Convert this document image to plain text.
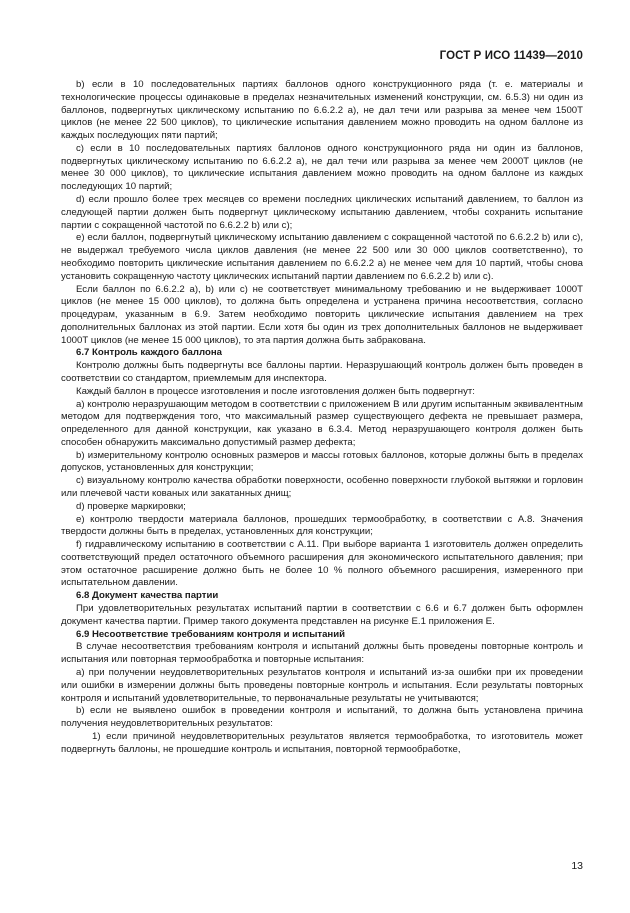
ГОСТ Р ИСО 11439—2010

b) если в 10 последовательных партиях баллонов одного конструкционного ряда (т. е. материалы и технологические процессы одинаковые в пределах незначительных изменений конструкции, см. 6.5.3) ни один из баллонов, подвергнутых циклическому испытанию по 6.6.2.2 а), не дал течи или разрыва за менее чем 1500Т циклов (не менее 22 500 циклов), то циклические испытания давлением можно проводить на одном баллоне из каждых последующих пяти партий;

c) если в 10 последовательных партиях баллонов одного конструкционного ряда ни один из баллонов, подвергнутых циклическому испытанию по 6.6.2.2 а), не дал течи или разрыва за менее чем 2000Т циклов (не менее 30 000 циклов), то циклические испытания давлением можно проводить на одном баллоне из каждых последующих 10 партий;

d) если прошло более трех месяцев со времени последних циклических испытаний давлением, то баллон из следующей партии должен быть подвергнут циклическому испытанию давлением, чтобы сохранить испытание партии с сокращенной частотой по 6.6.2.2 b) или с);

e) если баллон, подвергнутый циклическому испытанию давлением с сокращенной частотой по 6.6.2.2 b) или с), не выдержал требуемого числа циклов давления (не менее 22 500 или 30 000 циклов соответственно), то необходимо повторить циклические испытания давлением по 6.6.2.2 а) не менее чем для 10 партий, чтобы снова установить сокращенную частоту циклических испытаний партии давлением по 6.6.2.2 b) или с).

Если баллон по 6.6.2.2 а), b) или с) не соответствует минимальному требованию и не выдерживает 1000Т циклов (не менее 15 000 циклов), то должна быть определена и устранена причина несоответствия, согласно процедурам, указанным в 6.9. Затем необходимо повторить циклические испытания давлением на трех дополнительных баллонах из этой партии. Если хотя бы один из трех дополнительных баллонов не выдерживает 1000Т циклов (не менее 15 000 циклов), то эта партия должна быть забракована.

6.7 Контроль каждого баллона

Контролю должны быть подвергнуты все баллоны партии. Неразрушающий контроль должен быть проведен в соответствии со стандартом, приемлемым для инспектора.

Каждый баллон в процессе изготовления и после изготовления должен быть подвергнут:

а) контролю неразрушающим методом в соответствии с приложением В или другим испытанным эквивалентным методом для подтверждения того, что максимальный размер существующего дефекта не превышает размера, определенного для данной конструкции, как указано в 6.3.4. Метод неразрушающего контроля должен быть способен обнаружить максимально допустимый размер дефекта;

b) измерительному контролю основных размеров и массы готовых баллонов, которые должны быть в пределах допусков, установленных для конструкции;

с) визуальному контролю качества обработки поверхности, особенно поверхности глубокой вытяжки и горловин или плечевой части кованых или закатанных днищ;

d) проверке маркировки;

е) контролю твердости материала баллонов, прошедших термообработку, в соответствии с А.8. Значения твердости должны быть в пределах, установленных для конструкции;

f) гидравлическому испытанию в соответствии с А.11. При выборе варианта 1 изготовитель должен определить соответствующий предел остаточного объемного расширения для экономического испытательного давления; при этом остаточное расширение должно быть не более 10 % полного объемного расширения, измеренного при испытательном давлении.

6.8 Документ качества партии

При удовлетворительных результатах испытаний партии в соответствии с 6.6 и 6.7 должен быть оформлен документ качества партии. Пример такого документа представлен на рисунке Е.1 приложения Е.

6.9 Несоответствие требованиям контроля и испытаний

В случае несоответствия требованиям контроля и испытаний должны быть проведены повторные контроль и испытания или повторная термообработка и повторные испытания:

а) при получении неудовлетворительных результатов контроля и испытаний из-за ошибки при их проведении или ошибки в измерении должны быть проведены повторные контроль и испытания. Если результаты повторных контроля и испытаний удовлетворительные, то первоначальные результаты не учитываются;

b) если не выявлено ошибок в проведении контроля и испытаний, то должна быть установлена причина получения неудовлетворительных результатов:

1) если причиной неудовлетворительных результатов является термообработка, то изготовитель может подвергнуть баллоны, не прошедшие контроль и испытания, повторной термообработке,

13
